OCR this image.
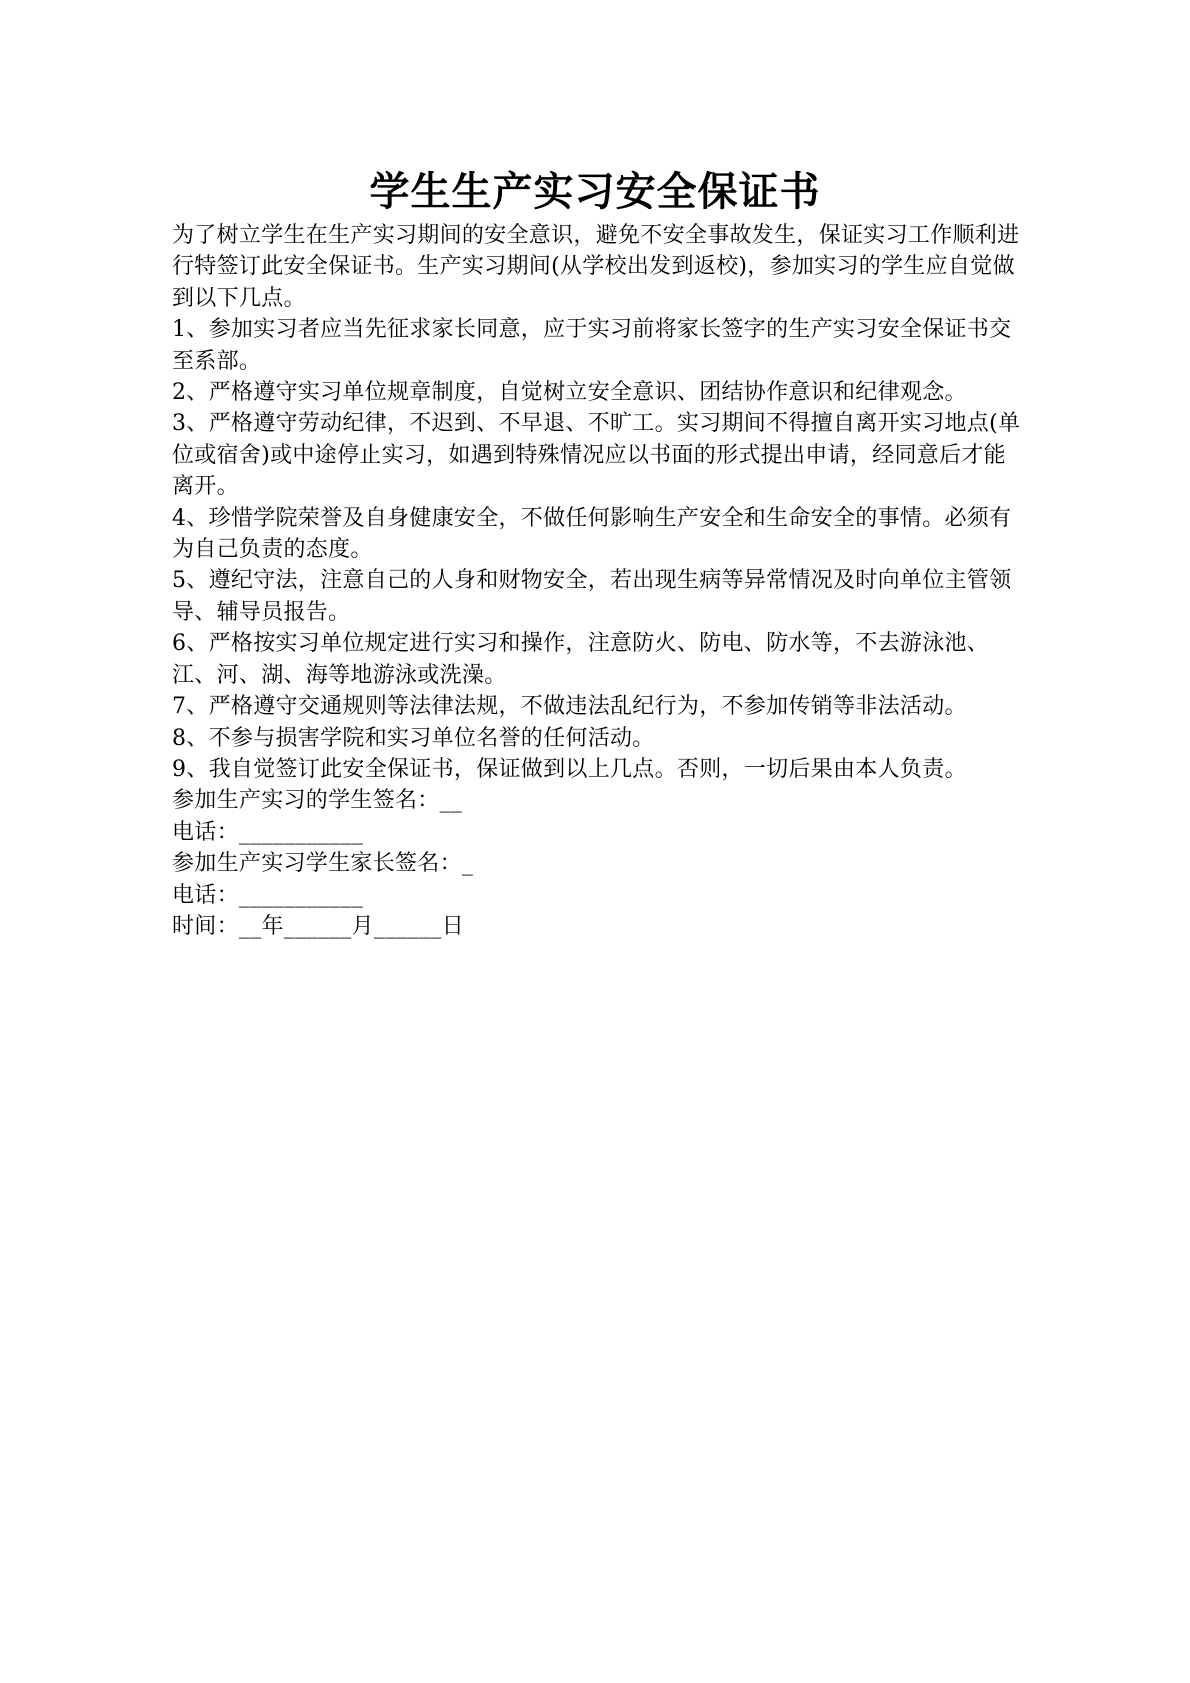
学生生产实习安全保证书

为了树立学生在生产实习期间的安全意识，避免不安全事故发生，保证实习工作顺利进行特签订此安全保证书。生产实习期间(从学校出发到返校)，参加实习的学生应自觉做到以下几点。

1、参加实习者应当先征求家长同意，应于实习前将家长签字的生产实习安全保证书交至系部。

2、严格遵守实习单位规章制度，自觉树立安全意识、团结协作意识和纪律观念。

3、严格遵守劳动纪律，不迟到、不早退、不旷工。实习期间不得擅自离开实习地点(单位或宿舍)或中途停止实习，如遇到特殊情况应以书面的形式提出申请，经同意后才能离开。

4、珍惜学院荣誉及自身健康安全，不做任何影响生产安全和生命安全的事情。必须有为自己负责的态度。

5、遵纪守法，注意自己的人身和财物安全，若出现生病等异常情况及时向单位主管领导、辅导员报告。

6、严格按实习单位规定进行实习和操作，注意防火、防电、防水等，不去游泳池、江、河、湖、海等地游泳或洗澡。

7、严格遵守交通规则等法律法规，不做违法乱纪行为，不参加传销等非法活动。

8、不参与损害学院和实习单位名誉的任何活动。

9、我自觉签订此安全保证书，保证做到以上几点。否则，一切后果由本人负责。

参加生产实习的学生签名：__

电话：___________

参加生产实习学生家长签名：_

电话：___________

时间：__年______月______日
